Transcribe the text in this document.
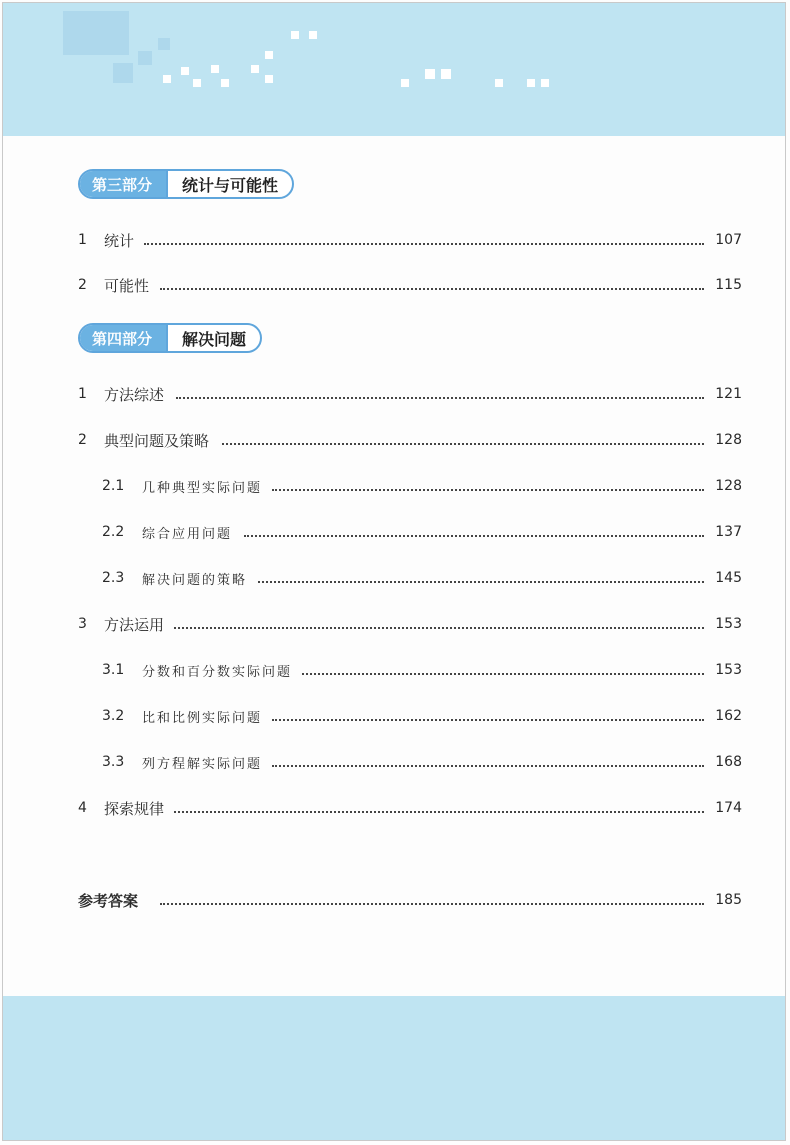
第三部分	统计与可能性
1 统计	107
2 可能性	115
第四部分	解决问题
1 方法综述	121
2 典型问题及策略	128
2.1 几种典型实际问题	128
2.2 综合应用问题	137
2.3 解决问题的策略	145
3 方法运用	153
3.1 分数和百分数实际问题	153
3.2 比和比例实际问题	162
3.3 列方程解实际问题	168
4 探索规律	174
参考答案	185
